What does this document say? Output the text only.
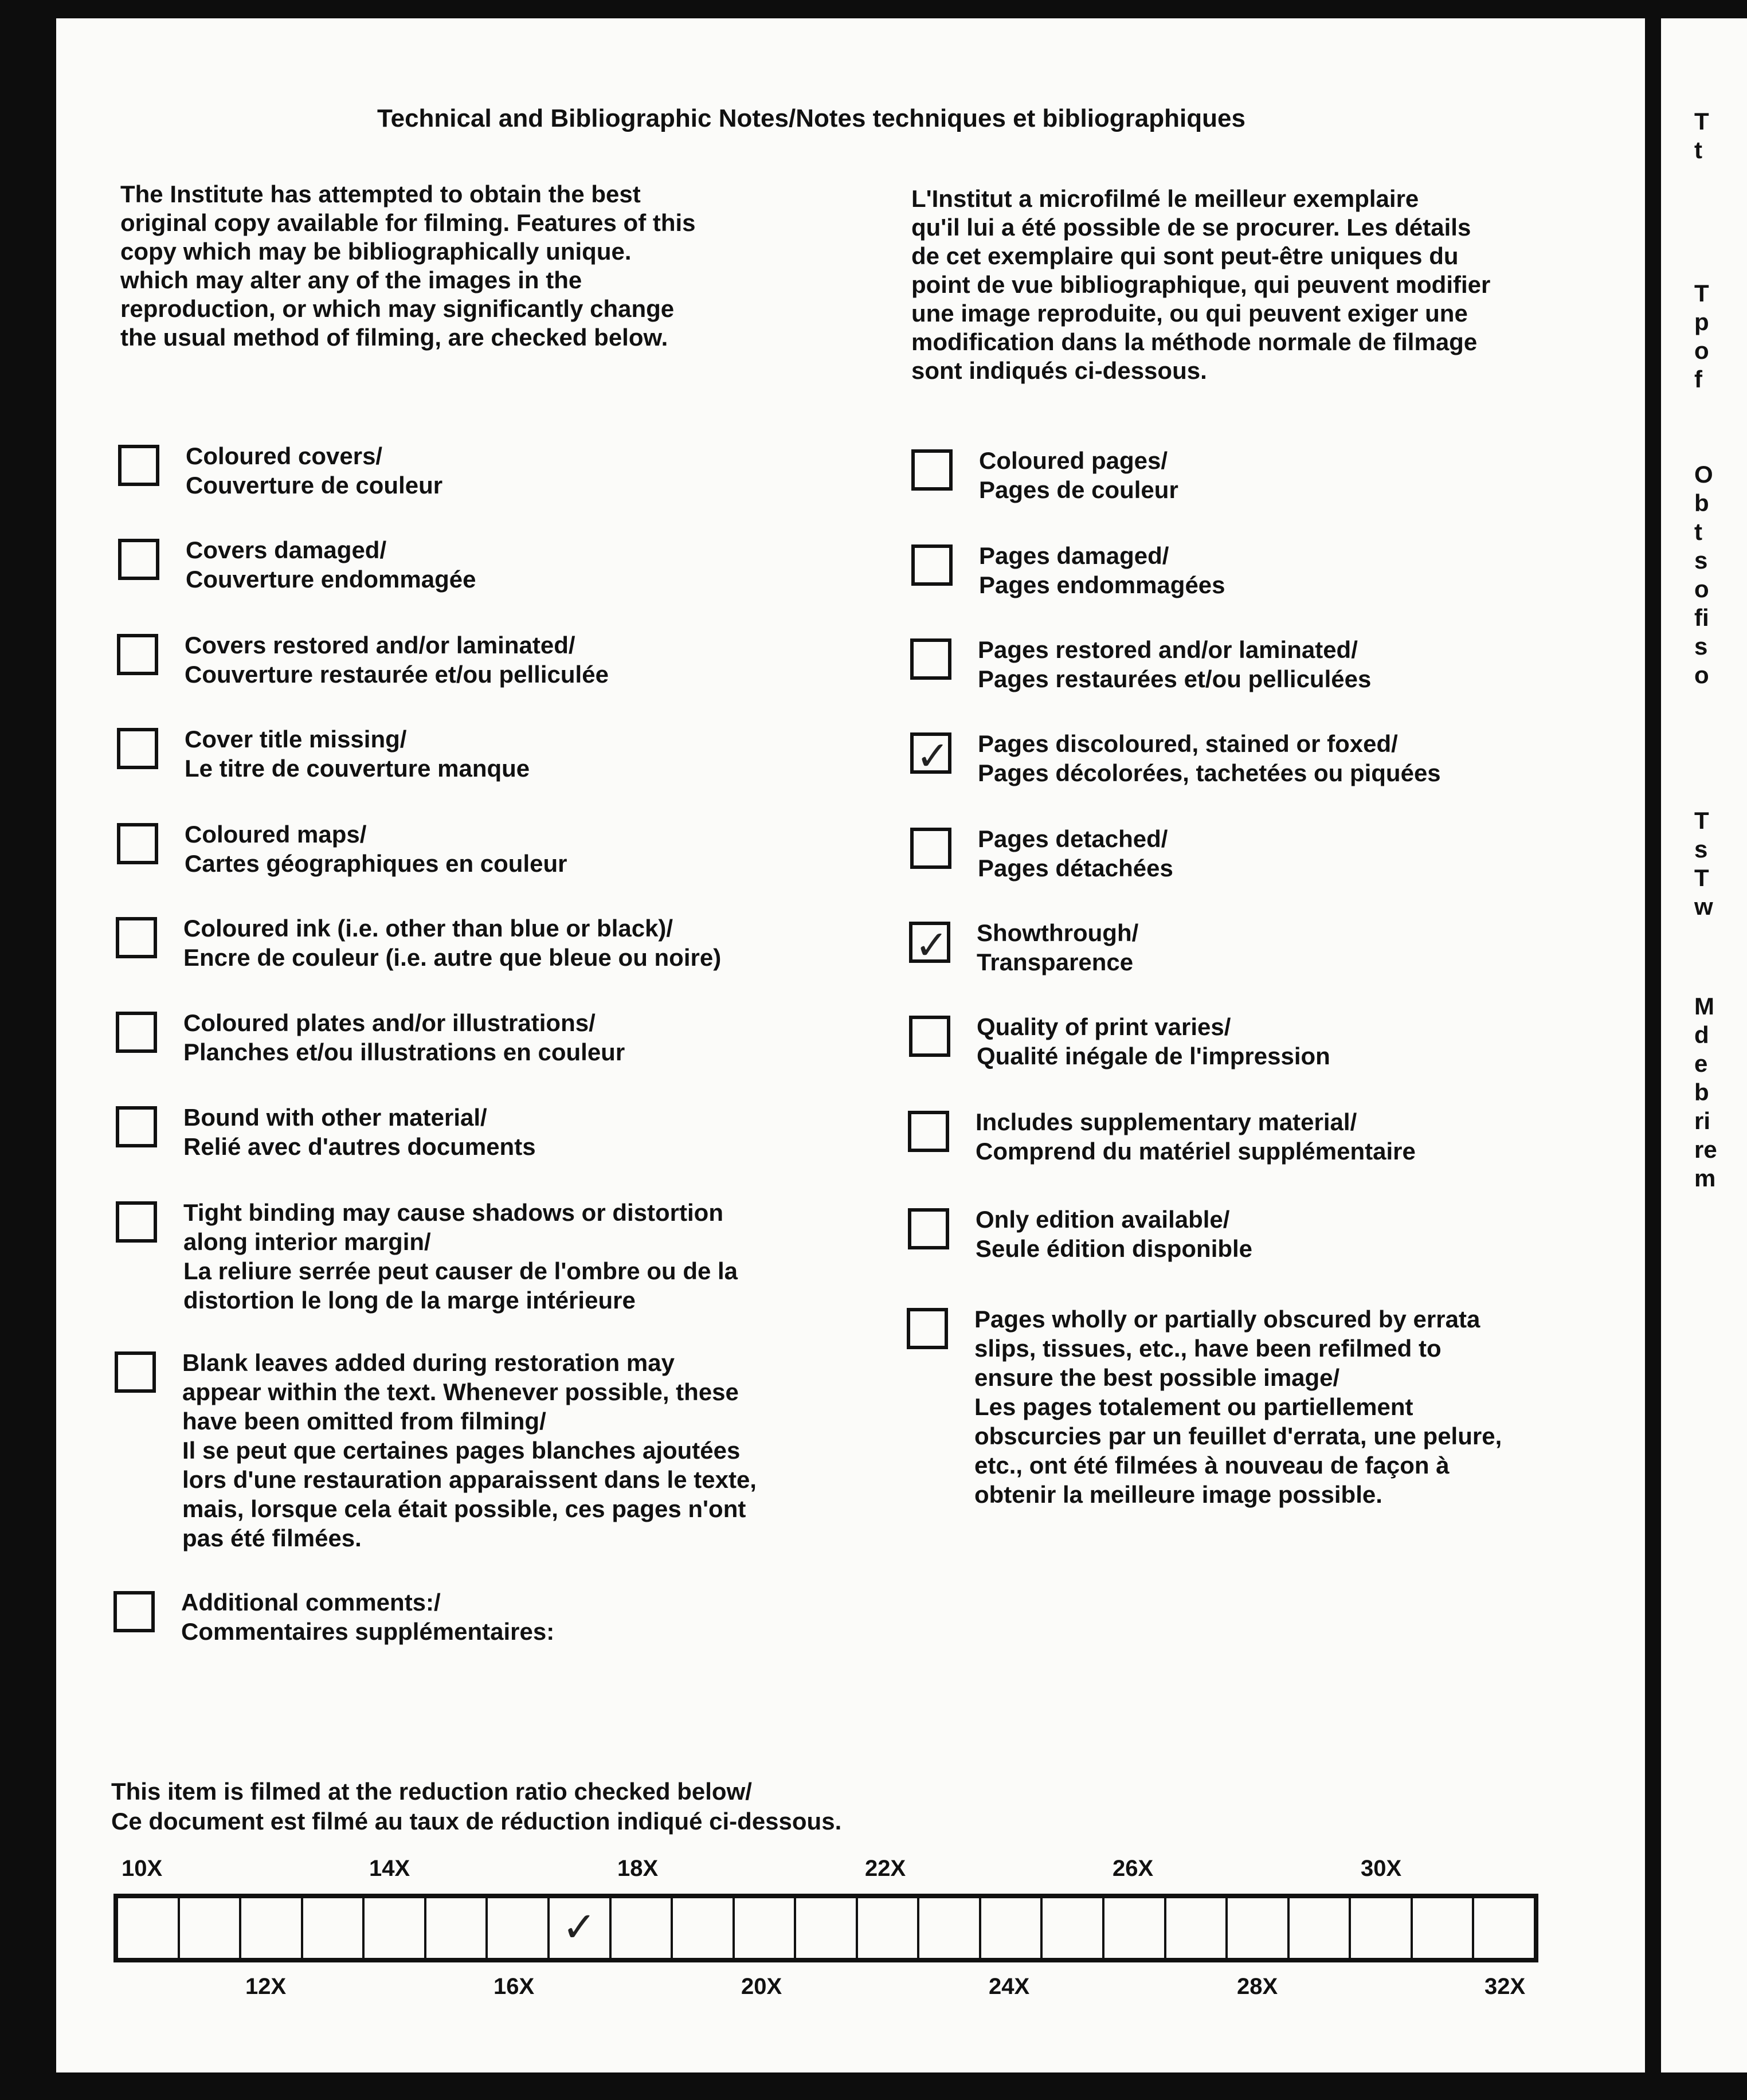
Technical and Bibliographic Notes/Notes techniques et bibliographiques

The Institute has attempted to obtain the best
original copy available for filming. Features of this
copy which may be bibliographically unique.
which may alter any of the images in the
reproduction, or which may significantly change
the usual method of filming, are checked below.

L'Institut a microfilmé le meilleur exemplaire
qu'il lui a été possible de se procurer. Les détails
de cet exemplaire qui sont peut-être uniques du
point de vue bibliographique, qui peuvent modifier
une image reproduite, ou qui peuvent exiger une
modification dans la méthode normale de filmage
sont indiqués ci-dessous.

Coloured covers/
Couverture de couleur
Covers damaged/
Couverture endommagée
Covers restored and/or laminated/
Couverture restaurée et/ou pelliculée
Cover title missing/
Le titre de couverture manque
Coloured maps/
Cartes géographiques en couleur
Coloured ink (i.e. other than blue or black)/
Encre de couleur (i.e. autre que bleue ou noire)
Coloured plates and/or illustrations/
Planches et/ou illustrations en couleur
Bound with other material/
Relié avec d'autres documents
Tight binding may cause shadows or distortion
along interior margin/
La reliure serrée peut causer de l'ombre ou de la
distortion le long de la marge intérieure
Blank leaves added during restoration may
appear within the text. Whenever possible, these
have been omitted from filming/
Il se peut que certaines pages blanches ajoutées
lors d'une restauration apparaissent dans le texte,
mais, lorsque cela était possible, ces pages n'ont
pas été filmées.
Additional comments:/
Commentaires supplémentaires:
Coloured pages/
Pages de couleur
Pages damaged/
Pages endommagées
Pages restored and/or laminated/
Pages restaurées et/ou pelliculées
✓ Pages discoloured, stained or foxed/
Pages décolorées, tachetées ou piquées
Pages detached/
Pages détachées
✓ Showthrough/
Transparence
Quality of print varies/
Qualité inégale de l'impression
Includes supplementary material/
Comprend du matériel supplémentaire
Only edition available/
Seule édition disponible
Pages wholly or partially obscured by errata
slips, tissues, etc., have been refilmed to
ensure the best possible image/
Les pages totalement ou partiellement
obscurcies par un feuillet d'errata, une pelure,
etc., ont été filmées à nouveau de façon à
obtenir la meilleure image possible.
This item is filmed at the reduction ratio checked below/
Ce document est filmé au taux de réduction indiqué ci-dessous.
10X	14X	18X	22X	26X	30X
✓
12X	16X	20X	24X	28X	32X
T
t
T
p
o
f
O
b
t
s
o
fi
s
o
T
s
T
w
M
d
e
b
ri
re
m
